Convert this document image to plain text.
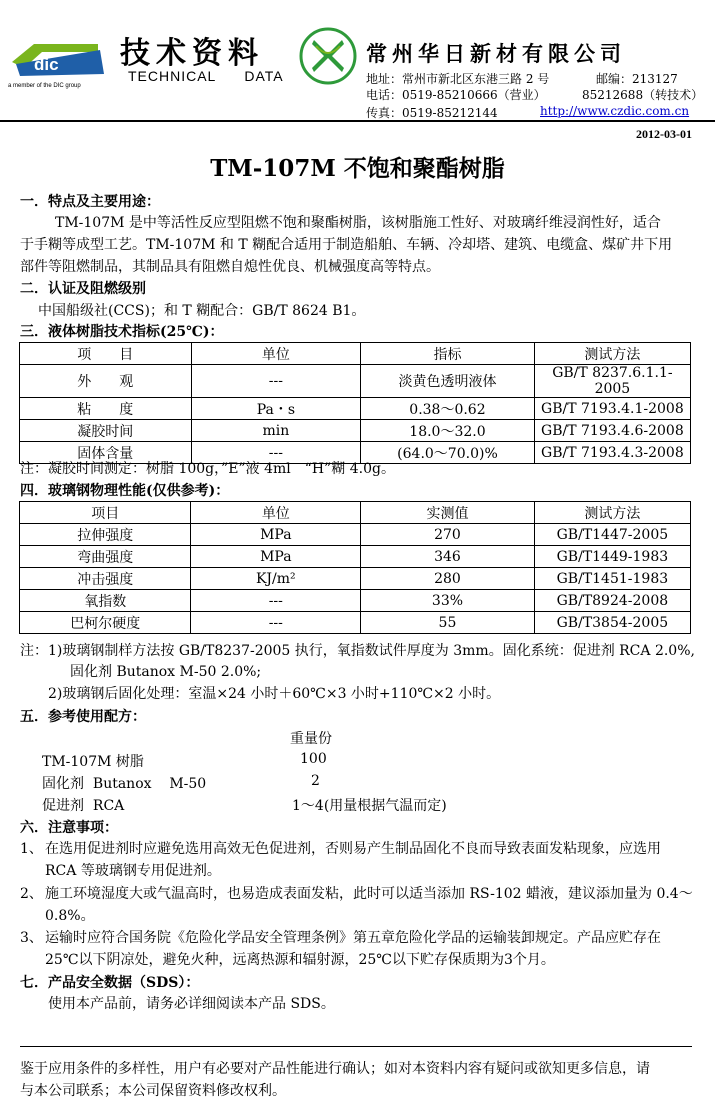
dic
a member of the DIC group
技术资料
TECHNICAL DATA
常州华日新材有限公司
地址：常州市新北区东港三路 2 号	邮编：213127
电话：0519-85210666（营业）	85212688（转技术）
传真：0519-85212144	http://www.czdic.com.cn
2012-03-01
TM-107M 不饱和聚酯树脂
一．特点及主要用途：
TM-107M 是中等活性反应型阻燃不饱和聚酯树脂，该树脂施工性好、对玻璃纤维浸润性好，适合
于手糊等成型工艺。TM-107M 和 T 糊配合适用于制造船舶、车辆、冷却塔、建筑、电缆盒、煤矿井下用
部件等阻燃制品，其制品具有阻燃自熄性优良、机械强度高等特点。
二．认证及阻燃级别
中国船级社(CCS)；和 T 糊配合：GB/T 8624 B1。
三．液体树脂技术指标(25℃)：
项　　目	单位	指标	测试方法
外　　观	---	淡黄色透明液体	GB/T 8237.6.1.1-2005
粘　　度	Pa・s	0.38～0.62	GB/T 7193.4.1-2008
凝胶时间	min	18.0～32.0	GB/T 7193.4.6-2008
固体含量	---	(64.0～70.0)%	GB/T 7193.4.3-2008
注：凝胶时间测定：树脂 100g，”E”液 4ml　“H”糊 4.0g。
四．玻璃钢物理性能(仅供参考)：
项目	单位	实测值	测试方法
拉伸强度	MPa	270	GB/T1447-2005
弯曲强度	MPa	346	GB/T1449-1983
冲击强度	KJ/m²	280	GB/T1451-1983
氧指数	---	33%	GB/T8924-2008
巴柯尔硬度	---	55	GB/T3854-2005
注：1)玻璃钢制样方法按 GB/T8237-2005 执行，氧指数试件厚度为 3mm。固化系统：促进剂 RCA 2.0%,
固化剂 Butanox M-50 2.0%;
2)玻璃钢后固化处理：室温×24 小时＋60℃×3 小时+110℃×2 小时。
五．参考使用配方：
重量份
TM-107M 树脂	100
固化剂  Butanox    M-50	2
促进剂  RCA	1～4(用量根据气温而定)
六．注意事项：
1、 在选用促进剂时应避免选用高效无色促进剂，否则易产生制品固化不良而导致表面发粘现象，应选用
RCA 等玻璃钢专用促进剂。
2、 施工环境湿度大或气温高时，也易造成表面发粘，此时可以适当添加 RS-102 蜡液，建议添加量为 0.4～
0.8%。
3、 运输时应符合国务院《危险化学品安全管理条例》第五章危险化学品的运输装卸规定。产品应贮存在
25℃以下阴凉处，避免火种，远离热源和辐射源，25℃以下贮存保质期为3个月。
七．产品安全数据（SDS）：
使用本产品前，请务必详细阅读本产品 SDS。
鉴于应用条件的多样性，用户有必要对产品性能进行确认；如对本资料内容有疑问或欲知更多信息，请
与本公司联系；本公司保留资料修改权利。
